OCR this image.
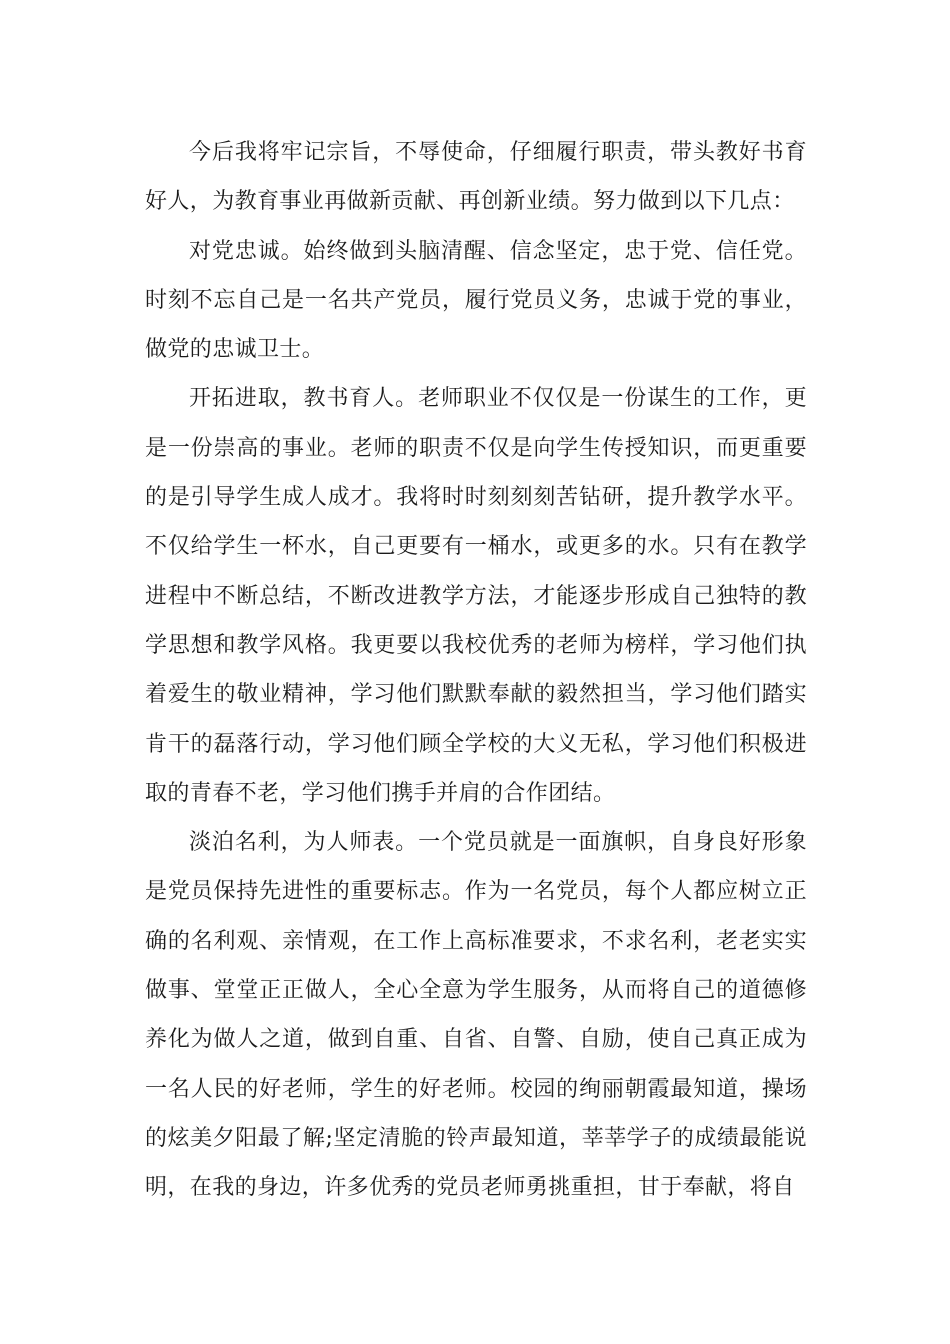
今后我将牢记宗旨，不辱使命，仔细履行职责，带头教好书育好人，为教育事业再做新贡献、再创新业绩。努力做到以下几点：

对党忠诚。始终做到头脑清醒、信念坚定，忠于党、信任党。时刻不忘自己是一名共产党员，履行党员义务，忠诚于党的事业，做党的忠诚卫士。

开拓进取，教书育人。老师职业不仅仅是一份谋生的工作，更是一份崇高的事业。老师的职责不仅是向学生传授知识，而更重要的是引导学生成人成才。我将时时刻刻刻苦钻研，提升教学水平。不仅给学生一杯水，自己更要有一桶水，或更多的水。只有在教学进程中不断总结，不断改进教学方法，才能逐步形成自己独特的教学思想和教学风格。我更要以我校优秀的老师为榜样，学习他们执着爱生的敬业精神，学习他们默默奉献的毅然担当，学习他们踏实肯干的磊落行动，学习他们顾全学校的大义无私，学习他们积极进取的青春不老，学习他们携手并肩的合作团结。

淡泊名利，为人师表。一个党员就是一面旗帜，自身良好形象是党员保持先进性的重要标志。作为一名党员，每个人都应树立正确的名利观、亲情观，在工作上高标准要求，不求名利，老老实实做事、堂堂正正做人，全心全意为学生服务，从而将自己的道德修养化为做人之道，做到自重、自省、自警、自励，使自己真正成为一名人民的好老师，学生的好老师。校园的绚丽朝霞最知道，操场的炫美夕阳最了解;坚定清脆的铃声最知道，莘莘学子的成绩最能说明，在我的身边，许多优秀的党员老师勇挑重担，甘于奉献，将自
